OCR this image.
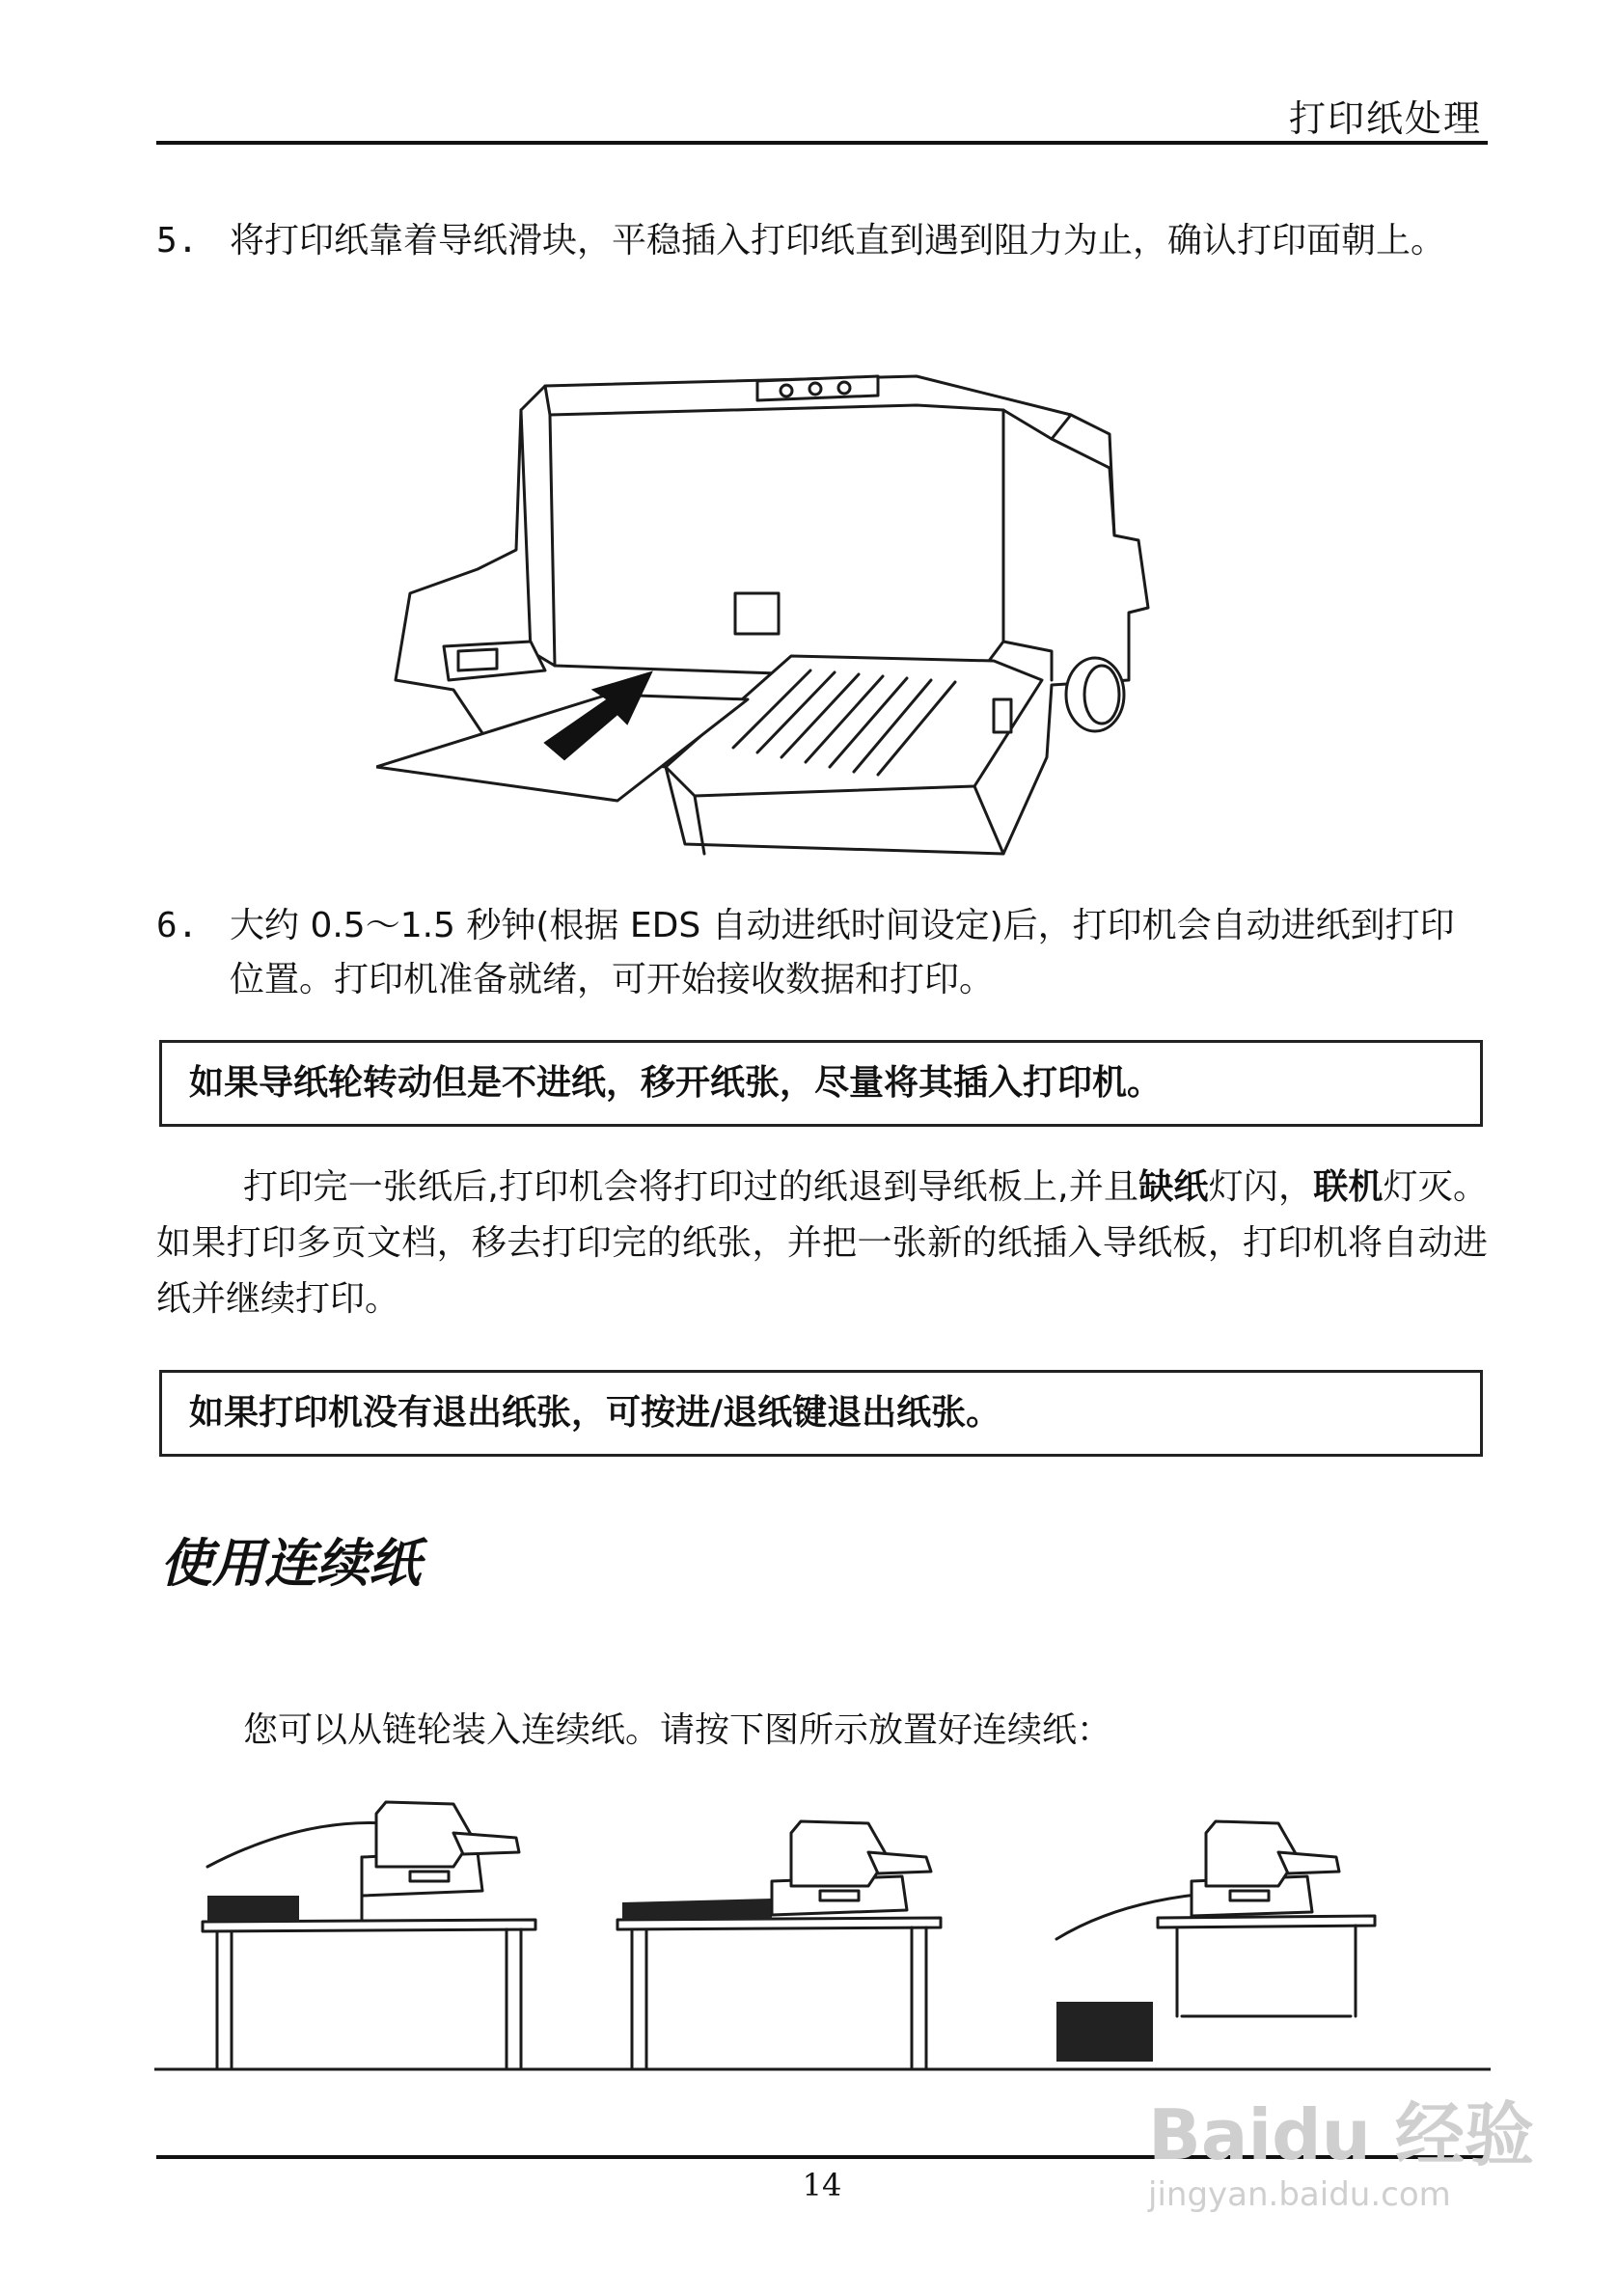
打印纸处理
5. 将打印纸靠着导纸滑块，平稳插入打印纸直到遇到阻力为止，确认打印面朝上。
6. 大约 0.5～1.5 秒钟(根据 EDS 自动进纸时间设定)后，打印机会自动进纸到打印位置。打印机准备就绪，可开始接收数据和打印。
如果导纸轮转动但是不进纸，移开纸张，尽量将其插入打印机。
打印完一张纸后,打印机会将打印过的纸退到导纸板上,并且缺纸灯闪，联机灯灭。如果打印多页文档，移去打印完的纸张，并把一张新的纸插入导纸板，打印机将自动进纸并继续打印。
如果打印机没有退出纸张，可按进/退纸键退出纸张。
使用连续纸
您可以从链轮装入连续纸。请按下图所示放置好连续纸：
14
Baidu 经验
jingyan.baidu.com
